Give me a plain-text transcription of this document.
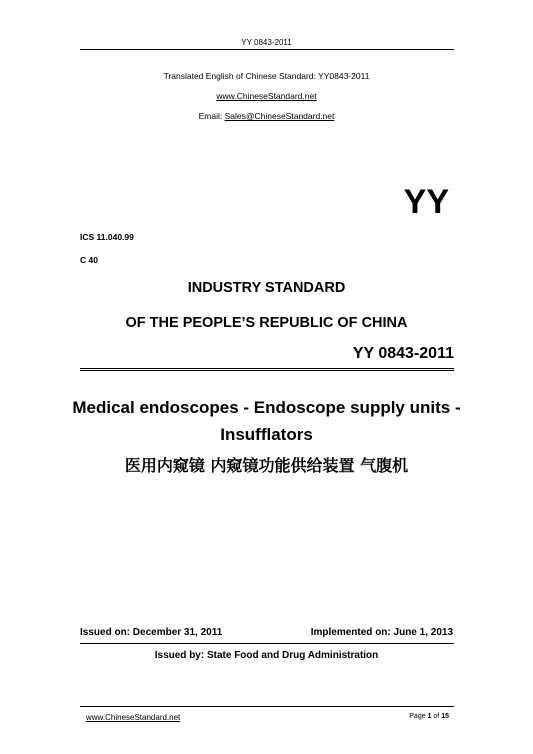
YY 0843-2011
Translated English of Chinese Standard: YY0843-2011
www.ChineseStandard.net
Email: Sales@ChineseStandard.net
YY
ICS 11.040.99
C 40
INDUSTRY STANDARD
OF THE PEOPLE’S REPUBLIC OF CHINA
YY 0843-2011
Medical endoscopes - Endoscope supply units -
Insufflators
医用内窥镜 内窥镜功能供给装置 气腹机
Issued on: December 31, 2011	Implemented on: June 1, 2013
Issued by: State Food and Drug Administration
www.ChineseStandard.net	Page 1 of 15
